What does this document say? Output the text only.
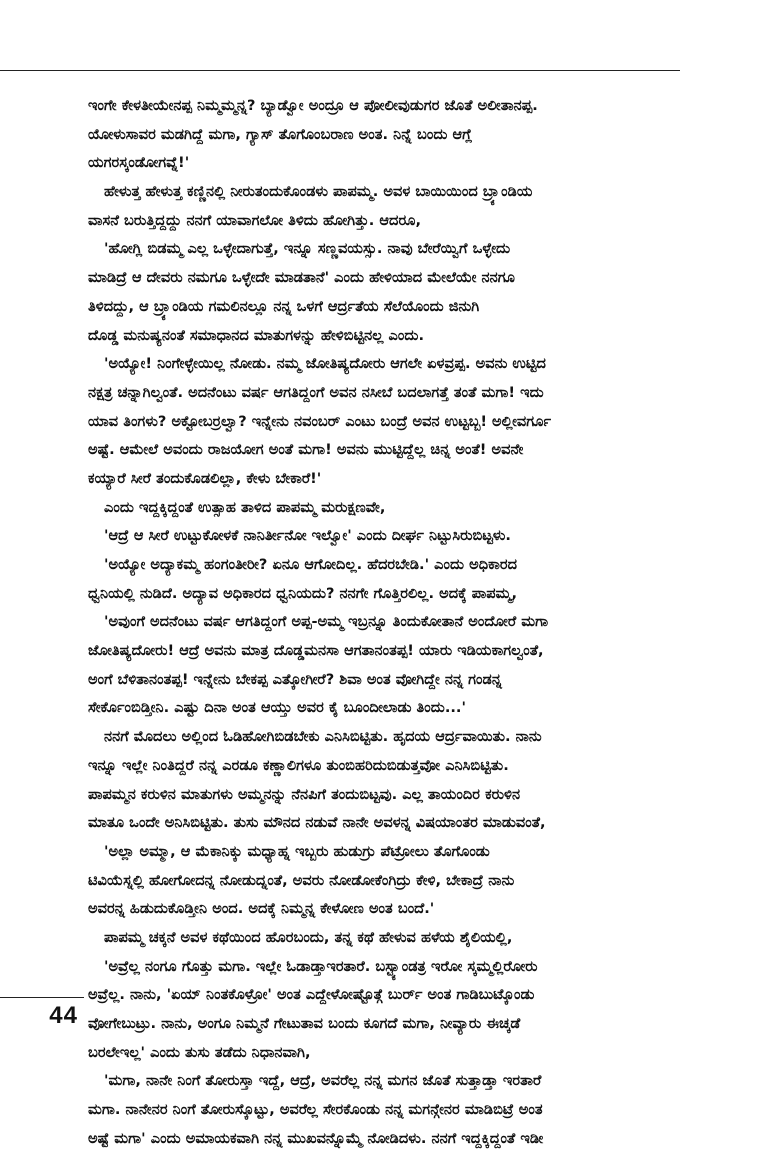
ಇಂಗೇ ಕೇಳತೀಯೇನಪ್ಪ ನಿಮ್ಮಮ್ಮನ್ನ? ಬ್ಯಾಡ್ವೋ ಅಂದ್ರೂ ಆ ಪೋಲೀವುಡುಗರ ಜೊತೆ ಅಲೀತಾನಪ್ಪ.
ಯೋಳುಸಾವರ ಮಡಗಿದ್ದೆ ಮಗಾ, ಗ್ಯಾಸ್ ತೊಗೊಂಬರಾಣ ಅಂತ. ನಿನ್ನೆ ಬಂದು ಆಗ್ಲೆ
ಯಗರಸ್ಕಂಡೋಗವ್ನೆ!'
ಹೇಳುತ್ತ ಹೇಳುತ್ತ ಕಣ್ಣಿನಲ್ಲಿ ನೀರುತಂದುಕೊಂಡಳು ಪಾಪಮ್ಮ. ಅವಳ ಬಾಯಿಯಿಂದ ಬ್ರ್ಯಾಂಡಿಯ
ವಾಸನೆ ಬರುತ್ತಿದ್ದದ್ದು ನನಗೆ ಯಾವಾಗಲೋ ತಿಳಿದು ಹೋಗಿತ್ತು. ಆದರೂ,
'ಹೋಗ್ಲಿ ಬಿಡಮ್ಮ ಎಲ್ಲ ಒಳ್ಳೇದಾಗುತ್ತೆ, ಇನ್ನೂ ಸಣ್ಣವಯಸ್ಸು. ನಾವು ಬೇರೆಯ್ವಿಗೆ ಒಳ್ಳೇದು
ಮಾಡಿದ್ರೆ ಆ ದೇವರು ನಮಗೂ ಒಳ್ಳೇದೇ ಮಾಡತಾನೆ' ಎಂದು ಹೇಳಿಯಾದ ಮೇಲೆಯೇ ನನಗೂ
ತಿಳಿದದ್ದು, ಆ ಬ್ರ್ಯಾಂಡಿಯ ಗಮಲಿನಲ್ಲೂ ನನ್ನ ಒಳಗೆ ಆರ್ದ್ರತೆಯ ಸೆಲೆಯೊಂದು ಜಿನುಗಿ
ದೊಡ್ಡ ಮನುಷ್ಯನಂತೆ ಸಮಾಧಾನದ ಮಾತುಗಳನ್ನು ಹೇಳಿಬಿಟ್ಟಿನಲ್ಲ ಎಂದು.
'ಅಯ್ಯೋ! ನಿಂಗೇಳ್ಳೇಯಿಲ್ಲ ನೋಡು. ನಮ್ಮ ಜೋತಿಷ್ಯದೋರು ಆಗಲೇ ಏಳವ್ರಪ್ಪ. ಅವನು ಉಟ್ಟಿದ
ನಕ್ಷತ್ರ ಚನ್ನಾಗಿಲ್ವಂತೆ. ಅದನೆಂಟು ವರ್ಷ ಆಗತಿದ್ದಂಗೆ ಅವನ ನಸೀಬೆ ಬದಲಾಗತ್ತೆ ತಂತೆ ಮಗಾ! ಇದು
ಯಾವ ತಿಂಗಳು? ಅಕ್ಟೋಬರ್ರಲ್ವಾ? ಇನ್ನೇನು ನವಂಬರ್ ಎಂಟು ಬಂದ್ರೆ ಅವನ ಉಟ್ಟಬ್ಬ! ಅಲ್ಲೀವರ್ಗೂ
ಅಷ್ಟೆ. ಆಮೇಲೆ ಅವಂದು ರಾಜಯೋಗ ಅಂತೆ ಮಗಾ! ಅವನು ಮುಟ್ಟಿದ್ದೆಲ್ಲ ಚಿನ್ನ ಅಂತೆ! ಅವನೇ
ಕಯ್ಯಾರೆ ಸೀರೆ ತಂದುಕೊಡಲಿಲ್ಲಾ, ಕೇಳು ಬೇಕಾರೆ!'
ಎಂದು ಇದ್ದಕ್ಕಿದ್ದಂತೆ ಉತ್ಸಾಹ ತಾಳಿದ ಪಾಪಮ್ಮ ಮರುಕ್ಷಣವೇ,
'ಆದ್ರೆ ಆ ಸೀರೆ ಉಟ್ಟುಕೋಳಕೆ ನಾನಿರ್ತೀನೋ ಇಲ್ವೋ' ಎಂದು ದೀರ್ಘ ನಿಟ್ಟುಸಿರುಬಿಟ್ಟಳು.
'ಅಯ್ಯೋ ಅದ್ಯಾಕಮ್ಮ ಹಂಗಂತೀರೀ? ಏನೂ ಆಗೋದಿಲ್ಲ. ಹೆದರಬೇಡಿ.' ಎಂದು ಅಧಿಕಾರದ
ಧ್ವನಿಯಲ್ಲಿ ನುಡಿದೆ. ಅದ್ಯಾವ ಅಧಿಕಾರದ ಧ್ವನಿಯದು? ನನಗೇ ಗೊತ್ತಿರಲಿಲ್ಲ. ಅದಕ್ಕೆ ಪಾಪಮ್ಮ,
'ಅವುಂಗೆ ಅದನೆಂಟು ವರ್ಷ ಆಗತಿದ್ದಂಗೆ ಅಪ್ಪ-ಅಮ್ಮ ಇಬ್ರನ್ನೂ ತಿಂದುಕೋತಾನೆ ಅಂದೋರೆ ಮಗಾ
ಜೋತಿಷ್ಯದೋರು! ಆದ್ರೆ ಅವನು ಮಾತ್ರ ದೊಡ್ಡಮನಸಾ ಆಗತಾನಂತಪ್ಪ! ಯಾರು ಇಡಿಯಕಾಗಲ್ವಂತೆ,
ಅಂಗೆ ಬೆಳಿತಾನಂತಪ್ಪ! ಇನ್ನೇನು ಬೇಕಪ್ಪ ಎತ್ಕೋಗೀರೆ? ಶಿವಾ ಅಂತ ವೋಗಿದ್ದೇ ನನ್ನ ಗಂಡನ್ನ
ಸೇರ್ಕೊಂಬಿಡ್ತೀನಿ. ಎಷ್ಟು ದಿನಾ ಅಂತ ಆಯ್ತು ಅವರ ಕೈ ಬೂಂದೀಲಾಡು ತಿಂದು...'
ನನಗೆ ಮೊದಲು ಅಲ್ಲಿಂದ ಓಡಿಹೋಗಿಬಿಡಬೇಕು ಎನಿಸಿಬಿಟ್ಟಿತು. ಹೃದಯ ಆರ್ದ್ರವಾಯಿತು. ನಾನು
ಇನ್ನೂ ಇಲ್ಲೇ ನಿಂತಿದ್ದರೆ ನನ್ನ ಎರಡೂ ಕಣ್ಣಾಲಿಗಳೂ ತುಂಬಿಹರಿದುಬಿಡುತ್ತವೋ ಎನಿಸಿಬಿಟ್ಟಿತು.
ಪಾಪಮ್ಮನ ಕರುಳಿನ ಮಾತುಗಳು ಅಮ್ಮನನ್ನು ನೆನಪಿಗೆ ತಂದುಬಿಟ್ಟವು. ಎಲ್ಲ ತಾಯಂದಿರ ಕರುಳಿನ
ಮಾತೂ ಒಂದೇ ಅನಿಸಿಬಿಟ್ಟಿತು. ತುಸು ಮೌನದ ನಡುವೆ ನಾನೇ ಅವಳನ್ನ ವಿಷಯಾಂತರ ಮಾಡುವಂತೆ,
'ಅಲ್ಲಾ ಅಮ್ಮಾ, ಆ ಮೆಕಾನಿಕ್ಕು ಮಧ್ಯಾಹ್ನ ಇಬ್ಬರು ಹುಡುಗ್ರು ಪೆಟ್ರೋಲು ತೊಗೊಂಡು
ಟಿವಿಯೆಸ್ನಲ್ಲಿ ಹೋಗೋದನ್ನ ನೋಡುದ್ನಂತೆ, ಅವರು ನೋಡೋಕೆಂಗಿದ್ರು ಕೇಳಿ, ಬೇಕಾದ್ರೆ ನಾನು
ಅವರನ್ನ ಹಿಡುದುಕೊಡ್ತೀನಿ ಅಂದ. ಅದಕ್ಕೆ ನಿಮ್ಮನ್ನ ಕೇಳೋಣ ಅಂತ ಬಂದೆ.'
ಪಾಪಮ್ಮ ಚಕ್ಕನೆ ಅವಳ ಕಥೆಯಿಂದ ಹೊರಬಂದು, ತನ್ನ ಕಥೆ ಹೇಳುವ ಹಳೆಯ ಶೈಲಿಯಲ್ಲಿ,
'ಅವ್ರೆಲ್ಲ ನಂಗೂ ಗೊತ್ತು ಮಗಾ. ಇಲ್ಲೇ ಓಡಾಡ್ತಾಇರತಾರೆ. ಬಸ್ಟ್ಯಾಂಡತ್ರ ಇರೋ ಸ್ಕಮ್ಮಲ್ಲಿರೋರು
ಅವ್ರೆಲ್ಲ. ನಾನು, 'ಏಯ್ ನಿಂತಕೊಳ್ರೋ' ಅಂತ ಎದ್ದೇಳೋಷ್ಟೊತ್ಗೆ ಬುರ್ರ್ ಅಂತ ಗಾಡಿಬುಟ್ಕೊಂಡು
ವೋಗೇಬುಟ್ರು. ನಾನು, ಅಂಗೂ ನಿಮ್ಮನೆ ಗೇಟುತಾವ ಬಂದು ಕೂಗದೆ ಮಗಾ, ನೀವ್ಯಾರು ಈಚ್ಕಡೆ
ಬರಲೇಇಲ್ಲ' ಎಂದು ತುಸು ತಡೆದು ನಿಧಾನವಾಗಿ,
'ಮಗಾ, ನಾನೇ ನಿಂಗೆ ತೋರುಸ್ತಾ ಇದ್ದೆ, ಆದ್ರೆ, ಅವರೆಲ್ಲ ನನ್ನ ಮಗನ ಜೊತೆ ಸುತ್ತಾಡ್ತಾ ಇರತಾರೆ
ಮಗಾ. ನಾನೇನರ ನಿಂಗೆ ತೋರುಸ್ಕೊಟ್ಟು, ಅವರೆಲ್ಲ ಸೇರಕೊಂಡು ನನ್ನ ಮಗನ್ಗೇನರ ಮಾಡಿಬಿಟ್ರೆ ಅಂತ
ಅಷ್ಟೆ ಮಗಾ' ಎಂದು ಅಮಾಯಕವಾಗಿ ನನ್ನ ಮುಖವನ್ನೊಮ್ಮೆ ನೋಡಿದಳು. ನನಗೆ ಇದ್ದಕ್ಕಿದ್ದಂತೆ ಇಡೀ
44
